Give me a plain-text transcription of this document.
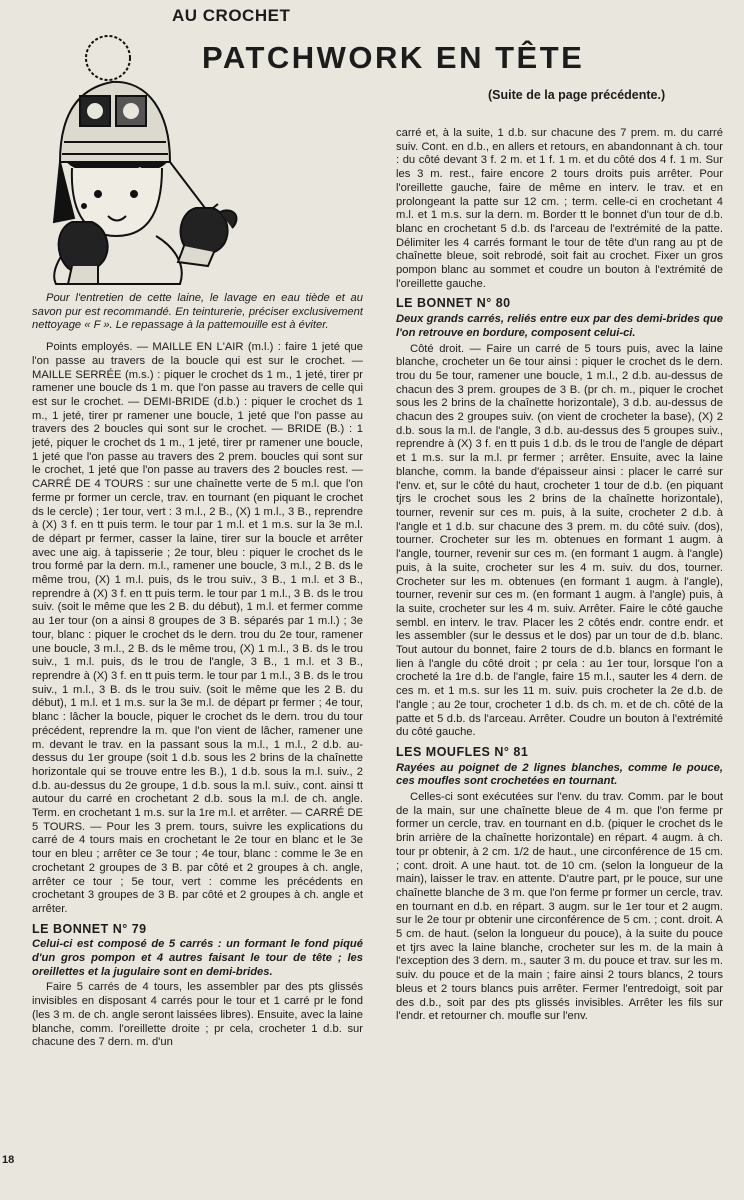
AU CROCHET
PATCHWORK EN TÊTE
(Suite de la page précédente.)

Pour l'entretien de cette laine, le lavage en eau tiède et au savon pur est recommandé. En teinturerie, préciser exclusivement nettoyage « F ». Le repassage à la pattemouille est à éviter.

Points employés. — MAILLE EN L'AIR (m.l.) : faire 1 jeté que l'on passe au travers de la boucle qui est sur le crochet. — MAILLE SERRÉE (m.s.) : piquer le crochet ds 1 m., 1 jeté, tirer pr ramener une boucle ds 1 m. que l'on passe au travers de celle qui est sur le crochet. — DEMI-BRIDE (d.b.) : piquer le crochet ds 1 m., 1 jeté, tirer pr ramener une boucle, 1 jeté que l'on passe au travers des 2 boucles qui sont sur le crochet. — BRIDE (B.) : 1 jeté, piquer le crochet ds 1 m., 1 jeté, tirer pr ramener une boucle, 1 jeté que l'on passe au travers des 2 prem. boucles qui sont sur le crochet, 1 jeté que l'on passe au travers des 2 boucles rest. — CARRÉ DE 4 TOURS : sur une chaînette verte de 5 m.l. que l'on ferme pr former un cercle, trav. en tournant (en piquant le crochet ds le cercle) ; 1er tour, vert : 3 m.l., 2 B., (X) 1 m.l., 3 B., reprendre à (X) 3 f. en tt puis term. le tour par 1 m.l. et 1 m.s. sur la 3e m.l. de départ pr fermer, casser la laine, tirer sur la boucle et arrêter avec une aig. à tapisserie ; 2e tour, bleu : piquer le crochet ds le trou formé par la dern. m.l., ramener une boucle, 3 m.l., 2 B. ds le même trou, (X) 1 m.l. puis, ds le trou suiv., 3 B., 1 m.l. et 3 B., reprendre à (X) 3 f. en tt puis term. le tour par 1 m.l., 3 B. ds le trou suiv. (soit le même que les 2 B. du début), 1 m.l. et fermer comme au 1er tour (on a ainsi 8 groupes de 3 B. séparés par 1 m.l.) ; 3e tour, blanc : piquer le crochet ds le dern. trou du 2e tour, ramener une boucle, 3 m.l., 2 B. ds le même trou, (X) 1 m.l., 3 B. ds le trou suiv., 1 m.l. puis, ds le trou de l'angle, 3 B., 1 m.l. et 3 B., reprendre à (X) 3 f. en tt puis term. le tour par 1 m.l., 3 B. ds le trou suiv., 1 m.l., 3 B. ds le trou suiv. (soit le même que les 2 B. du début), 1 m.l. et 1 m.s. sur la 3e m.l. de départ pr fermer ; 4e tour, blanc : lâcher la boucle, piquer le crochet ds le dern. trou du tour précédent, reprendre la m. que l'on vient de lâcher, ramener une m. devant le trav. en la passant sous la m.l., 1 m.l., 2 d.b. au-dessus du 1er groupe (soit 1 d.b. sous les 2 brins de la chaînette horizontale qui se trouve entre les B.), 1 d.b. sous la m.l. suiv., 2 d.b. au-dessus du 2e groupe, 1 d.b. sous la m.l. suiv., cont. ainsi tt autour du carré en crochetant 2 d.b. sous la m.l. de ch. angle. Term. en crochetant 1 m.s. sur la 1re m.l. et arrêter. — CARRÉ DE 5 TOURS. — Pour les 3 prem. tours, suivre les explications du carré de 4 tours mais en crochetant le 2e tour en blanc et le 3e tour en bleu ; arrêter ce 3e tour ; 4e tour, blanc : comme le 3e en crochetant 2 groupes de 3 B. par côté et 2 groupes à ch. angle, arrêter ce tour ; 5e tour, vert : comme les précédents en crochetant 3 groupes de 3 B. par côté et 2 groupes à ch. angle et arrêter.

LE BONNET N° 79

Celui-ci est composé de 5 carrés : un formant le fond piqué d'un gros pompon et 4 autres faisant le tour de tête ; les oreillettes et la jugulaire sont en demi-brides.

Faire 5 carrés de 4 tours, les assembler par des pts glissés invisibles en disposant 4 carrés pour le tour et 1 carré pr le fond (les 3 m. de ch. angle seront laissées libres). Ensuite, avec la laine blanche, comm. l'oreillette droite ; pr cela, crocheter 1 d.b. sur chacune des 7 dern. m. d'un

carré et, à la suite, 1 d.b. sur chacune des 7 prem. m. du carré suiv. Cont. en d.b., en allers et retours, en abandonnant à ch. tour : du côté devant 3 f. 2 m. et 1 f. 1 m. et du côté dos 4 f. 1 m. Sur les 3 m. rest., faire encore 2 tours droits puis arrêter. Pour l'oreillette gauche, faire de même en interv. le trav. et en prolongeant la patte sur 12 cm. ; term. celle-ci en crochetant 4 m.l. et 1 m.s. sur la dern. m. Border tt le bonnet d'un tour de d.b. blanc en crochetant 5 d.b. ds l'arceau de l'extrémité de la patte. Délimiter les 4 carrés formant le tour de tête d'un rang au pt de chaînette bleue, soit rebrodé, soit fait au crochet. Fixer un gros pompon blanc au sommet et coudre un bouton à l'extrémité de l'oreillette gauche.

LE BONNET N° 80

Deux grands carrés, reliés entre eux par des demi-brides que l'on retrouve en bordure, composent celui-ci.

Côté droit. — Faire un carré de 5 tours puis, avec la laine blanche, crocheter un 6e tour ainsi : piquer le crochet ds le dern. trou du 5e tour, ramener une boucle, 1 m.l., 2 d.b. au-dessus de chacun des 3 prem. groupes de 3 B. (pr ch. m., piquer le crochet sous les 2 brins de la chaînette horizontale), 3 d.b. au-dessus de chacun des 2 groupes suiv. (on vient de crocheter la base), (X) 2 d.b. sous la m.l. de l'angle, 3 d.b. au-dessus des 5 groupes suiv., reprendre à (X) 3 f. en tt puis 1 d.b. ds le trou de l'angle de départ et 1 m.s. sur la m.l. pr fermer ; arrêter. Ensuite, avec la laine blanche, comm. la bande d'épaisseur ainsi : placer le carré sur l'env. et, sur le côté du haut, crocheter 1 tour de d.b. (en piquant tjrs le crochet sous les 2 brins de la chaînette horizontale), tourner, revenir sur ces m. puis, à la suite, crocheter 2 d.b. à l'angle et 1 d.b. sur chacune des 3 prem. m. du côté suiv. (dos), tourner. Crocheter sur les m. obtenues en formant 1 augm. à l'angle, tourner, revenir sur ces m. (en formant 1 augm. à l'angle) puis, à la suite, crocheter sur les 4 m. suiv. du dos, tourner. Crocheter sur les m. obtenues (en formant 1 augm. à l'angle), tourner, revenir sur ces m. (en formant 1 augm. à l'angle) puis, à la suite, crocheter sur les 4 m. suiv. Arrêter. Faire le côté gauche sembl. en interv. le trav. Placer les 2 côtés endr. contre endr. et les assembler (sur le dessus et le dos) par un tour de d.b. blanc. Tout autour du bonnet, faire 2 tours de d.b. blancs en formant le lien à l'angle du côté droit ; pr cela : au 1er tour, lorsque l'on a crocheté la 1re d.b. de l'angle, faire 15 m.l., sauter les 4 dern. de ces m. et 1 m.s. sur les 11 m. suiv. puis crocheter la 2e d.b. de l'angle ; au 2e tour, crocheter 1 d.b. ds ch. m. et de ch. côté de la patte et 5 d.b. ds l'arceau. Arrêter. Coudre un bouton à l'extrémité du côté gauche.

LES MOUFLES N° 81

Rayées au poignet de 2 lignes blanches, comme le pouce, ces moufles sont crochetées en tournant.

Celles-ci sont exécutées sur l'env. du trav. Comm. par le bout de la main, sur une chaînette bleue de 4 m. que l'on ferme pr former un cercle, trav. en tournant en d.b. (piquer le crochet ds le brin arrière de la chaînette horizontale) en répart. 4 augm. à ch. tour pr obtenir, à 2 cm. 1/2 de haut., une circonférence de 15 cm. ; cont. droit. A une haut. tot. de 10 cm. (selon la longueur de la main), laisser le trav. en attente. D'autre part, pr le pouce, sur une chaînette blanche de 3 m. que l'on ferme pr former un cercle, trav. en tournant en d.b. en répart. 3 augm. sur le 1er tour et 2 augm. sur le 2e tour pr obtenir une circonférence de 5 cm. ; cont. droit. A 5 cm. de haut. (selon la longueur du pouce), à la suite du pouce et tjrs avec la laine blanche, crocheter sur les m. de la main à l'exception des 3 dern. m., sauter 3 m. du pouce et trav. sur les m. suiv. du pouce et de la main ; faire ainsi 2 tours blancs, 2 tours bleus et 2 tours blancs puis arrêter. Fermer l'entredoigt, soit par des d.b., soit par des pts glissés invisibles. Arrêter les fils sur l'endr. et retourner ch. moufle sur l'env.

18
